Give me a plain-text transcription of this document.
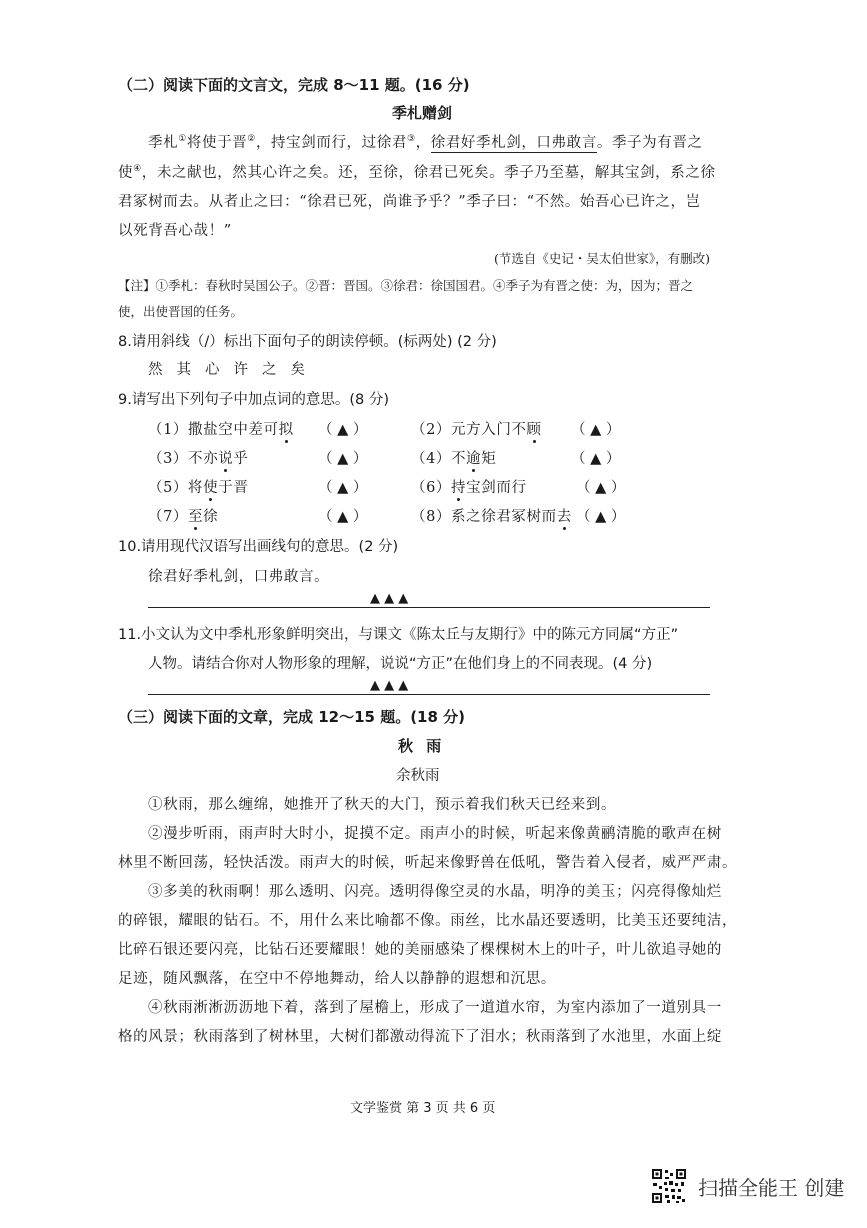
（二）阅读下面的文言文，完成 8～11 题。(16 分)
季札赠剑
季札①将使于晋②，持宝剑而行，过徐君③，徐君好季札剑，口弗敢言。季子为有晋之
使④，未之献也，然其心许之矣。还，至徐，徐君已死矣。季子乃至墓，解其宝剑，系之徐
君冢树而去。从者止之曰：“徐君已死，尚谁予乎？”季子曰：“不然。始吾心已许之，岂
以死背吾心哉！”
(节选自《史记・吴太伯世家》，有删改)
【注】①季札：春秋时吴国公子。②晋：晋国。③徐君：徐国国君。④季子为有晋之使：为，因为；晋之
使，出使晋国的任务。
8.请用斜线（/）标出下面句子的朗读停顿。(标两处) (2 分)
然 其 心 许 之 矣
9.请写出下列句子中加点词的意思。(8 分)
（1）撒盐空中差可拟 （ ▲ ）	（2）元方入门不顾 （ ▲ ）
（3）不亦说乎	（ ▲ ）	（4）不逾矩	（ ▲ ）
（5）将使于晋	（ ▲ ）	（6）持宝剑而行	（ ▲ ）
（7）至徐	（ ▲ ）	（8）系之徐君冢树而去 （ ▲ ）
10.请用现代汉语写出画线句的意思。(2 分)
徐君好季札剑，口弗敢言。
▲ ▲ ▲
11.小文认为文中季札形象鲜明突出，与课文《陈太丘与友期行》中的陈元方同属“方正”
人物。请结合你对人物形象的理解，说说“方正”在他们身上的不同表现。(4 分)
▲ ▲ ▲
（三）阅读下面的文章，完成 12～15 题。(18 分)
秋 雨
余秋雨
①秋雨，那么缠绵，她推开了秋天的大门，预示着我们秋天已经来到。
②漫步听雨，雨声时大时小，捉摸不定。雨声小的时候，听起来像黄鹂清脆的歌声在树
林里不断回荡，轻快活泼。雨声大的时候，听起来像野兽在低吼，警告着入侵者，威严严肃。
③多美的秋雨啊！那么透明、闪亮。透明得像空灵的水晶，明净的美玉；闪亮得像灿烂
的碎银，耀眼的钻石。不，用什么来比喻都不像。雨丝，比水晶还要透明，比美玉还要纯洁，
比碎石银还要闪亮，比钻石还要耀眼！她的美丽感染了棵棵树木上的叶子，叶儿欲追寻她的
足迹，随风飘落，在空中不停地舞动，给人以静静的遐想和沉思。
④秋雨淅淅沥沥地下着，落到了屋檐上，形成了一道道水帘，为室内添加了一道别具一
格的风景；秋雨落到了树林里，大树们都激动得流下了泪水；秋雨落到了水池里，水面上绽
文学鉴赏 第 3 页 共 6 页
扫描全能王 创建
